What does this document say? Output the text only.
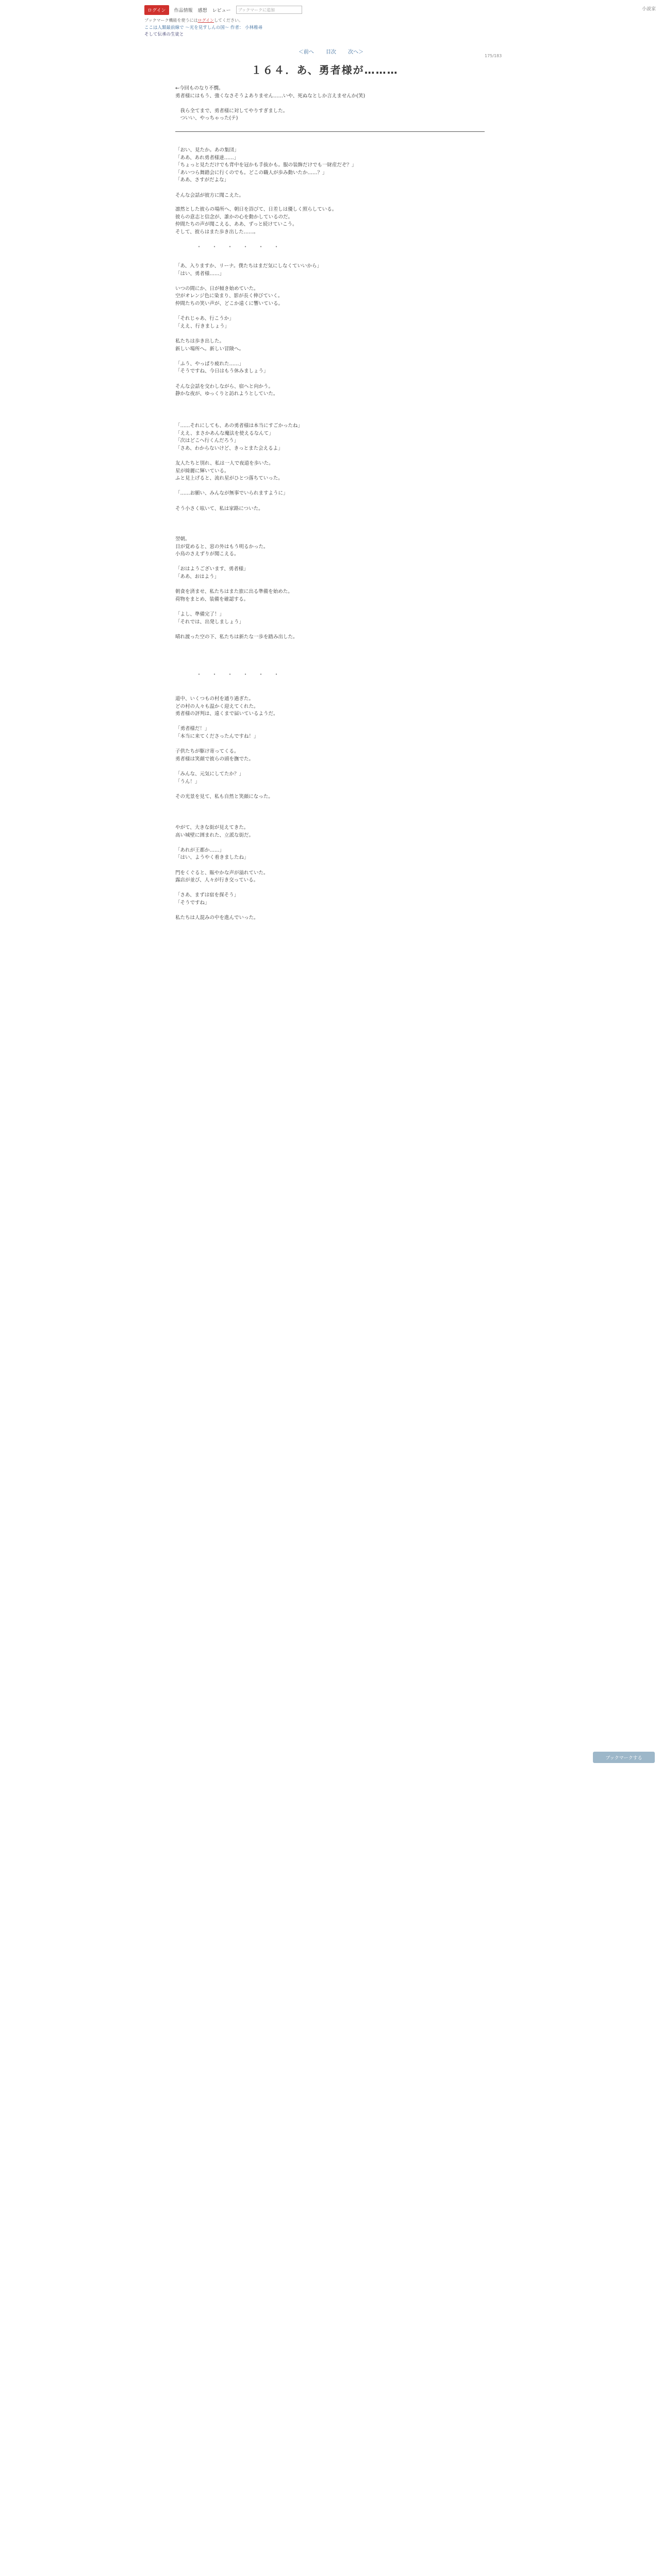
ログイン	作品情報 感想 レビュー	ブックマークに追加	小説家
ブックマーク機能を使うにはログインしてください。
ここは人類最前線で ～光を見すしんの国～ 作者： 小林稚尋
そして伝承の生徒と
＜前へ 目次 次へ＞
175/183
１６４．あ、勇者様が………
←今回ものなり不憫。
勇者様にはもう、強くなさそうよありません……いや、死ぬなとしか言えませんか(笑)

　我ら全てまで、勇者様に対してやりすぎました。
　ついい、やっちゃった(テ)
「おい、見たか。あの集団」
「ああ、あれ勇者様達……」
「ちょっと見ただけでも背中を冠かも手抜かも。服の装飾だけでも一財産だぞ？」
「あいつら舞踏会に行くのでも。どこの職人が歩み動いたか……？」
「ああ、さすがだよな」

そんな会話が彼方に聞こえた。
凛然とした彼らの場所へ、朝日を浴びて、日差しは優しく照らしている。
彼らの意志と信念が、誰かの心を動かしているのだ。
仲間たちの声が聞こえる、ああ、ずっと続けていこう。
そして、彼らはまた歩き出した……。
・・・・・・
「あ、入りますか、リーナ。僕たちはまだ気にしなくていいから」
「はい、勇者様……」

いつの間にか、日が傾き始めていた。
空がオレンジ色に染まり、影が長く伸びていく。
仲間たちの笑い声が、どこか遠くに響いている。

「それじゃあ、行こうか」
「ええ、行きましょう」

私たちは歩き出した。
新しい場所へ。新しい冒険へ。

「ふう、やっぱり疲れた……」
「そうですね、今日はもう休みましょう」

そんな会話を交わしながら、宿へと向かう。
静かな夜が、ゆっくりと訪れようとしていた。
「……それにしても、あの勇者様は本当にすごかったね」
「ええ、まさかあんな魔法を使えるなんて」
「次はどこへ行くんだろう」
「さあ、わからないけど、きっとまた会えるよ」

友人たちと別れ、私は一人で夜道を歩いた。
星が綺麗に輝いている。
ふと見上げると、流れ星がひとつ落ちていった。

「……お願い、みんなが無事でいられますように」

そう小さく呟いて、私は家路についた。
翌朝。
目が覚めると、窓の外はもう明るかった。
小鳥のさえずりが聞こえる。

「おはようございます、勇者様」
「ああ、おはよう」

朝食を済ませ、私たちはまた旅に出る準備を始めた。
荷物をまとめ、装備を確認する。

「よし、準備完了！」
「それでは、出発しましょう」

晴れ渡った空の下、私たちは新たな一歩を踏み出した。
・・・・・・
道中、いくつもの村を通り過ぎた。
どの村の人々も温かく迎えてくれた。
勇者様の評判は、遠くまで届いているようだ。

「勇者様だ！」
「本当に来てくださったんですね！」

子供たちが駆け寄ってくる。
勇者様は笑顔で彼らの頭を撫でた。

「みんな、元気にしてたか？」
「うん！」

その光景を見て、私も自然と笑顔になった。
やがて、大きな街が見えてきた。
高い城壁に囲まれた、立派な街だ。

「あれが王都か……」
「はい、ようやく着きましたね」

門をくぐると、賑やかな声が溢れていた。
露店が並び、人々が行き交っている。

「さあ、まずは宿を探そう」
「そうですね」

私たちは人混みの中を進んでいった。
ブックマークする
